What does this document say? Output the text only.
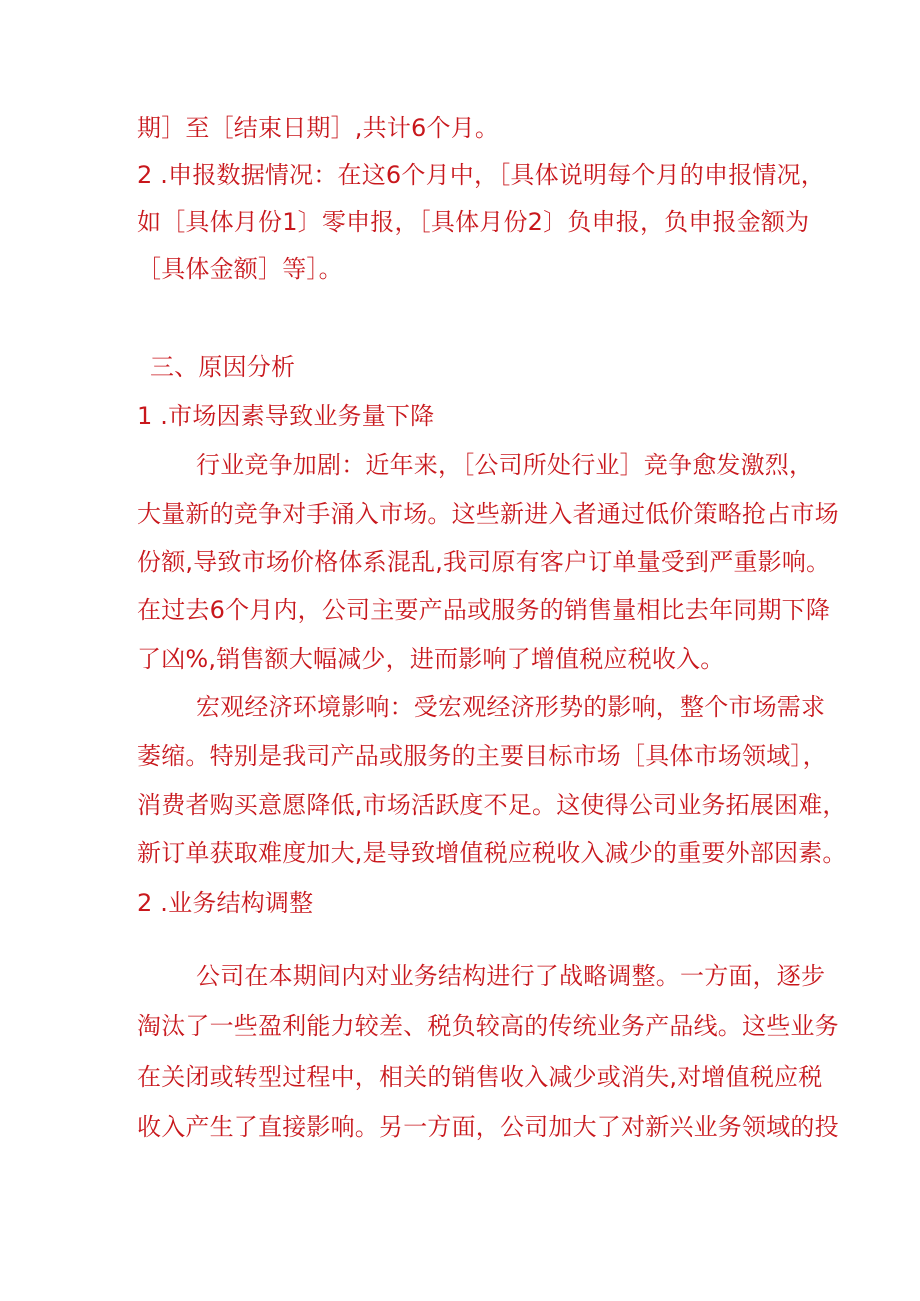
期］至［结束日期］,共计6个月。
2 .申报数据情况：在这6个月中，［具体说明每个月的申报情况，
如［具体月份1〕零申报，［具体月份2〕负申报，负申报金额为
［具体金额］等］。
三、原因分析
1 .市场因素导致业务量下降
行业竞争加剧：近年来，［公司所处行业］竞争愈发激烈，
大量新的竞争对手涌入市场。这些新进入者通过低价策略抢占市场
份额,导致市场价格体系混乱,我司原有客户订单量受到严重影响。
在过去6个月内，公司主要产品或服务的销售量相比去年同期下降
了凶%,销售额大幅减少，进而影响了增值税应税收入。
宏观经济环境影响：受宏观经济形势的影响，整个市场需求
萎缩。特别是我司产品或服务的主要目标市场［具体市场领域］，
消费者购买意愿降低,市场活跃度不足。这使得公司业务拓展困难，
新订单获取难度加大,是导致增值税应税收入减少的重要外部因素。
2 .业务结构调整
公司在本期间内对业务结构进行了战略调整。一方面，逐步
淘汰了一些盈利能力较差、税负较高的传统业务产品线。这些业务
在关闭或转型过程中，相关的销售收入减少或消失,对增值税应税
收入产生了直接影响。另一方面，公司加大了对新兴业务领域的投
